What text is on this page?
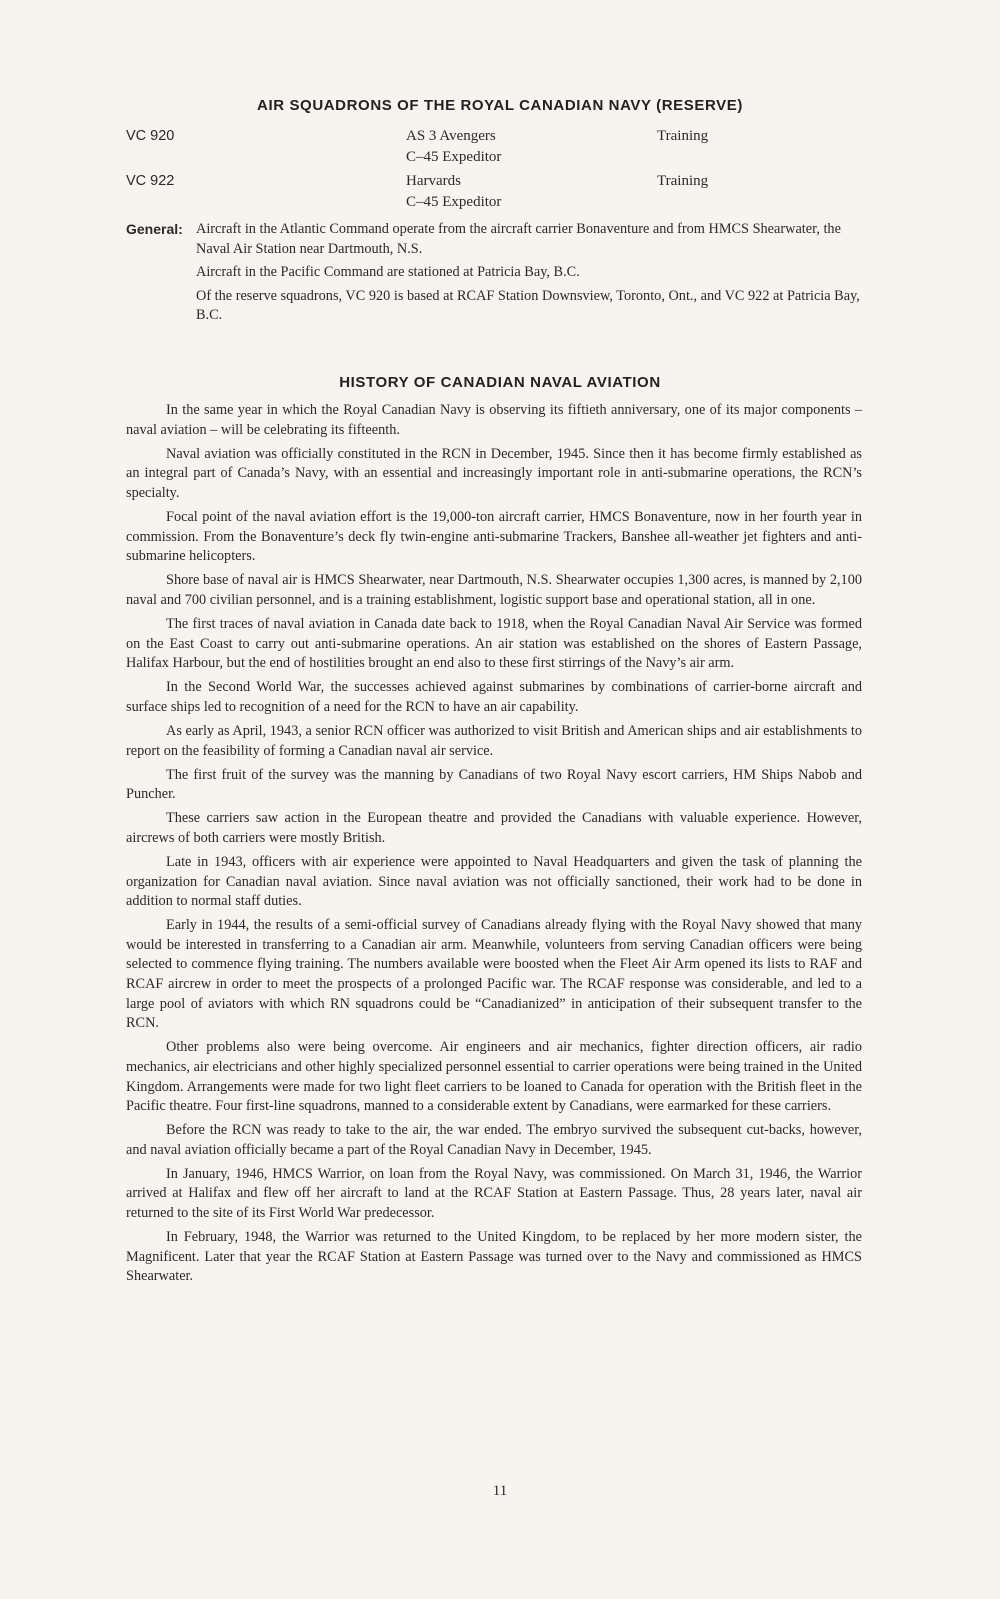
AIR SQUADRONS OF THE ROYAL CANADIAN NAVY (RESERVE)
VC 920	AS 3 Avengers	Training
C–45 Expeditor
VC 922	Harvards	Training
C–45 Expeditor
General: Aircraft in the Atlantic Command operate from the aircraft carrier Bonaventure and from HMCS Shearwater, the Naval Air Station near Dartmouth, N.S.

Aircraft in the Pacific Command are stationed at Patricia Bay, B.C.

Of the reserve squadrons, VC 920 is based at RCAF Station Downsview, Toronto, Ont., and VC 922 at Patricia Bay, B.C.

HISTORY OF CANADIAN NAVAL AVIATION

In the same year in which the Royal Canadian Navy is observing its fiftieth anniversary, one of its major components – naval aviation – will be celebrating its fifteenth.

Naval aviation was officially constituted in the RCN in December, 1945. Since then it has become firmly established as an integral part of Canada’s Navy, with an essential and increasingly important role in anti-submarine operations, the RCN’s specialty.

Focal point of the naval aviation effort is the 19,000-ton aircraft carrier, HMCS Bonaventure, now in her fourth year in commission. From the Bonaventure’s deck fly twin-engine anti-submarine Trackers, Banshee all-weather jet fighters and anti-submarine helicopters.

Shore base of naval air is HMCS Shearwater, near Dartmouth, N.S. Shearwater occupies 1,300 acres, is manned by 2,100 naval and 700 civilian personnel, and is a training establishment, logistic support base and operational station, all in one.

The first traces of naval aviation in Canada date back to 1918, when the Royal Canadian Naval Air Service was formed on the East Coast to carry out anti-submarine operations. An air station was established on the shores of Eastern Passage, Halifax Harbour, but the end of hostilities brought an end also to these first stirrings of the Navy’s air arm.

In the Second World War, the successes achieved against submarines by combinations of carrier-borne aircraft and surface ships led to recognition of a need for the RCN to have an air capability.

As early as April, 1943, a senior RCN officer was authorized to visit British and American ships and air establishments to report on the feasibility of forming a Canadian naval air service.

The first fruit of the survey was the manning by Canadians of two Royal Navy escort carriers, HM Ships Nabob and Puncher.

These carriers saw action in the European theatre and provided the Canadians with valuable experience. However, aircrews of both carriers were mostly British.

Late in 1943, officers with air experience were appointed to Naval Headquarters and given the task of planning the organization for Canadian naval aviation. Since naval aviation was not officially sanctioned, their work had to be done in addition to normal staff duties.

Early in 1944, the results of a semi-official survey of Canadians already flying with the Royal Navy showed that many would be interested in transferring to a Canadian air arm. Meanwhile, volunteers from serving Canadian officers were being selected to commence flying training. The numbers available were boosted when the Fleet Air Arm opened its lists to RAF and RCAF aircrew in order to meet the prospects of a prolonged Pacific war. The RCAF response was considerable, and led to a large pool of aviators with which RN squadrons could be “Canadianized” in anticipation of their subsequent transfer to the RCN.

Other problems also were being overcome. Air engineers and air mechanics, fighter direction officers, air radio mechanics, air electricians and other highly specialized personnel essential to carrier operations were being trained in the United Kingdom. Arrangements were made for two light fleet carriers to be loaned to Canada for operation with the British fleet in the Pacific theatre. Four first-line squadrons, manned to a considerable extent by Canadians, were earmarked for these carriers.

Before the RCN was ready to take to the air, the war ended. The embryo survived the subsequent cut-backs, however, and naval aviation officially became a part of the Royal Canadian Navy in December, 1945.

In January, 1946, HMCS Warrior, on loan from the Royal Navy, was commissioned. On March 31, 1946, the Warrior arrived at Halifax and flew off her aircraft to land at the RCAF Station at Eastern Passage. Thus, 28 years later, naval air returned to the site of its First World War predecessor.

In February, 1948, the Warrior was returned to the United Kingdom, to be replaced by her more modern sister, the Magnificent. Later that year the RCAF Station at Eastern Passage was turned over to the Navy and commissioned as HMCS Shearwater.

11
